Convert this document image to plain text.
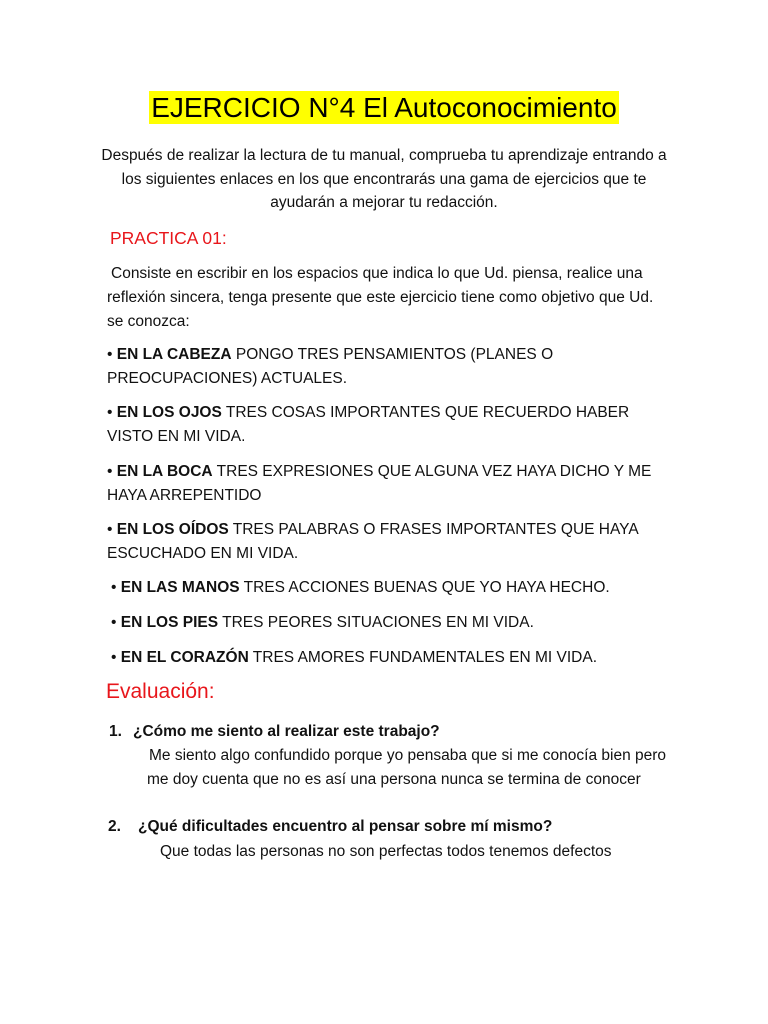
EJERCICIO N°4 El Autoconocimiento
Después de realizar la lectura de tu manual, comprueba tu aprendizaje entrando a los siguientes enlaces en los que encontrarás una gama de ejercicios que te ayudarán a mejorar tu redacción.
PRACTICA 01:
Consiste en escribir en los espacios que indica lo que Ud. piensa, realice una reflexión sincera, tenga presente que este ejercicio tiene como objetivo que Ud. se conozca:
• EN LA CABEZA PONGO TRES PENSAMIENTOS (PLANES O PREOCUPACIONES) ACTUALES.
• EN LOS OJOS TRES COSAS IMPORTANTES QUE RECUERDO HABER VISTO EN MI VIDA.
• EN LA BOCA TRES EXPRESIONES QUE ALGUNA VEZ HAYA DICHO Y ME HAYA ARREPENTIDO
• EN LOS OÍDOS TRES PALABRAS O FRASES IMPORTANTES QUE HAYA ESCUCHADO EN MI VIDA.
• EN LAS MANOS TRES ACCIONES BUENAS QUE YO HAYA HECHO.
• EN LOS PIES TRES PEORES SITUACIONES EN MI VIDA.
• EN EL CORAZÓN TRES AMORES FUNDAMENTALES EN MI VIDA.
Evaluación:
1. ¿Cómo me siento al realizar este trabajo?
Me siento algo confundido porque yo pensaba que si me conocía bien pero me doy cuenta que no es así una persona nunca se termina de conocer
2. ¿Qué dificultades encuentro al pensar sobre mí mismo?
Que todas las personas no son perfectas todos tenemos defectos
